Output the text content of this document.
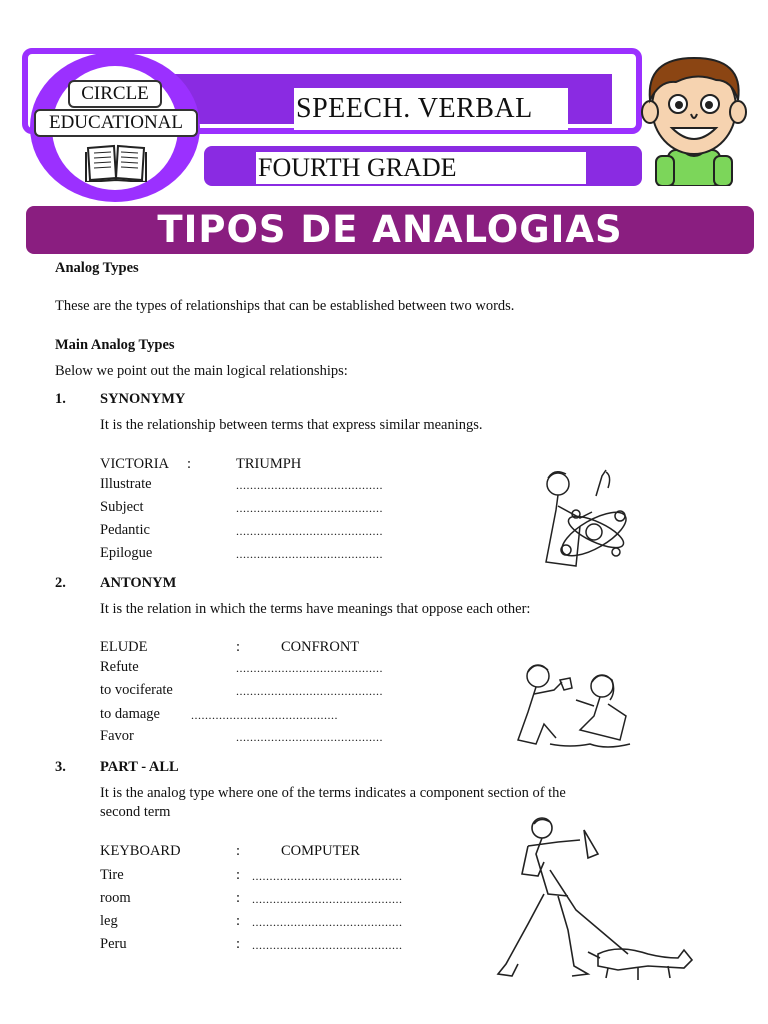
CIRCLE
EDUCATIONAL	SPEECH. VERBAL
FOURTH GRADE
TIPOS DE ANALOGIAS
Analog Types
These are the types of relationships that can be established between two words.
Main Analog Types
Below we point out the main logical relationships:
1. SYNONYMY
It is the relationship between terms that express similar meanings.
VICTORIA :	TRIUMPH
Illustrate	..........................................
Subject	..........................................
Pedantic	..........................................
Epilogue	..........................................
2. ANTONYM
It is the relation in which the terms have meanings that oppose each other:
ELUDE	:	CONFRONT
Refute	..........................................
to vociferate	..........................................
to damage	..........................................
Favor	..........................................
3. PART - ALL
It is the analog type where one of the terms indicates a component section of the
second term
KEYBOARD	:	COMPUTER
Tire	: ...........................................
room	: ...........................................
leg	: ...........................................
Peru	: ...........................................
